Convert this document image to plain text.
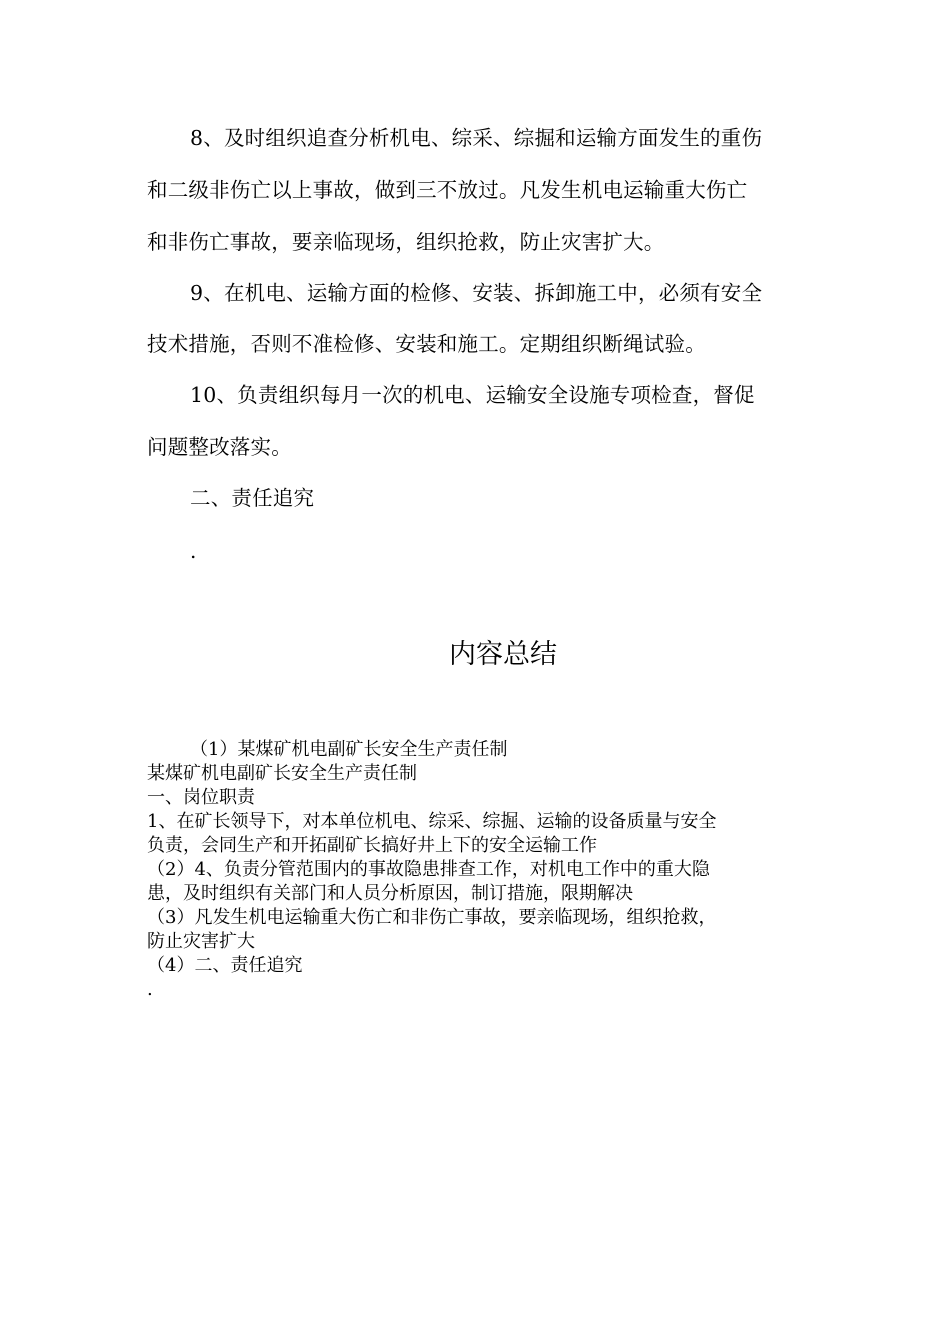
8、及时组织追查分析机电、综采、综掘和运输方面发生的重伤
和二级非伤亡以上事故，做到三不放过。凡发生机电运输重大伤亡
和非伤亡事故，要亲临现场，组织抢救，防止灾害扩大。
9、在机电、运输方面的检修、安装、拆卸施工中，必须有安全
技术措施，否则不准检修、安装和施工。定期组织断绳试验。
10、负责组织每月一次的机电、运输安全设施专项检查，督促
问题整改落实。
二、责任追究
.
内容总结
（1）某煤矿机电副矿长安全生产责任制
某煤矿机电副矿长安全生产责任制
一、岗位职责
1、在矿长领导下，对本单位机电、综采、综掘、运输的设备质量与安全
负责，会同生产和开拓副矿长搞好井上下的安全运输工作
（2）4、负责分管范围内的事故隐患排查工作，对机电工作中的重大隐
患，及时组织有关部门和人员分析原因，制订措施，限期解决
（3）凡发生机电运输重大伤亡和非伤亡事故，要亲临现场，组织抢救，
防止灾害扩大
（4）二、责任追究
.
